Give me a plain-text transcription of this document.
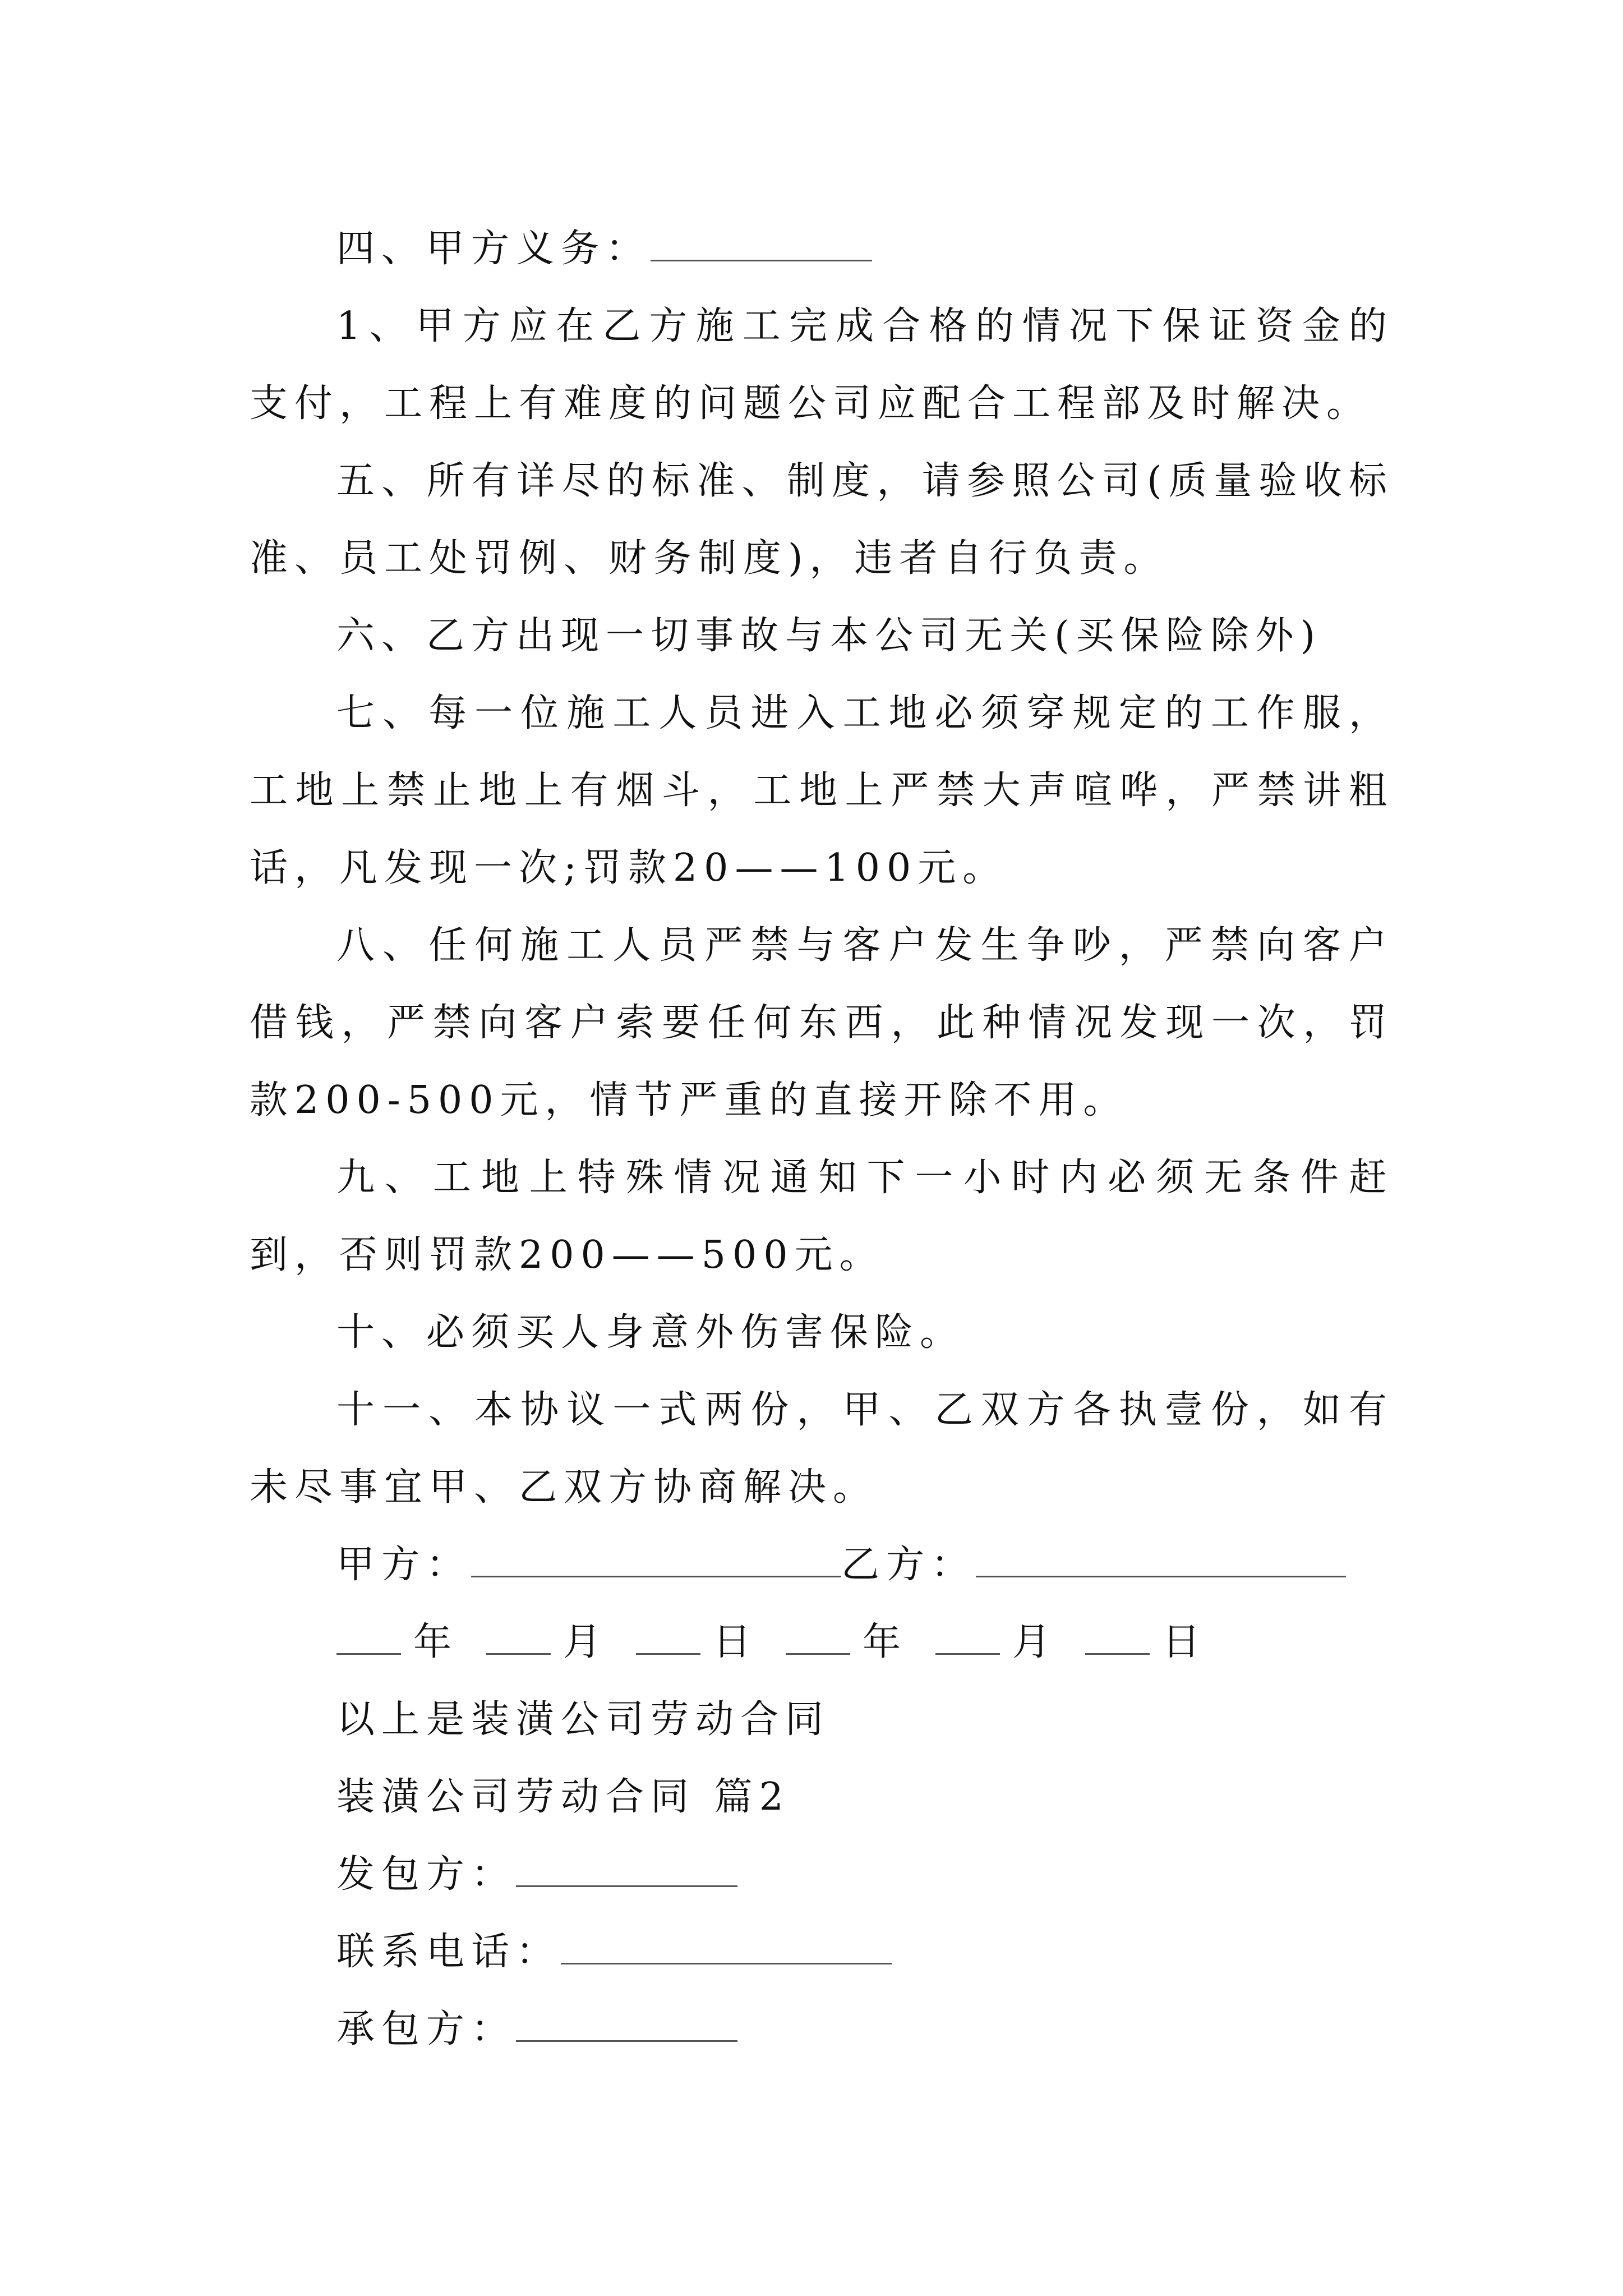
四、甲方义务：

1、甲方应在乙方施工完成合格的情况下保证资金的支付，工程上有难度的问题公司应配合工程部及时解决。

五、所有详尽的标准、制度，请参照公司(质量验收标准、员工处罚例、财务制度)，违者自行负责。

六、乙方出现一切事故与本公司无关(买保险除外)

七、每一位施工人员进入工地必须穿规定的工作服，工地上禁止地上有烟斗，工地上严禁大声喧哗，严禁讲粗话，凡发现一次;罚款20——100元。

八、任何施工人员严禁与客户发生争吵，严禁向客户借钱，严禁向客户索要任何东西，此种情况发现一次，罚款200-500元，情节严重的直接开除不用。

九、工地上特殊情况通知下一小时内必须无条件赶到，否则罚款200——500元。

十、必须买人身意外伤害保险。

十一、本协议一式两份，甲、乙双方各执壹份，如有未尽事宜甲、乙双方协商解决。

甲方：	乙方：

年	月	日	年	月	日

以上是装潢公司劳动合同

装潢公司劳动合同 篇2

发包方：

联系电话：

承包方：
